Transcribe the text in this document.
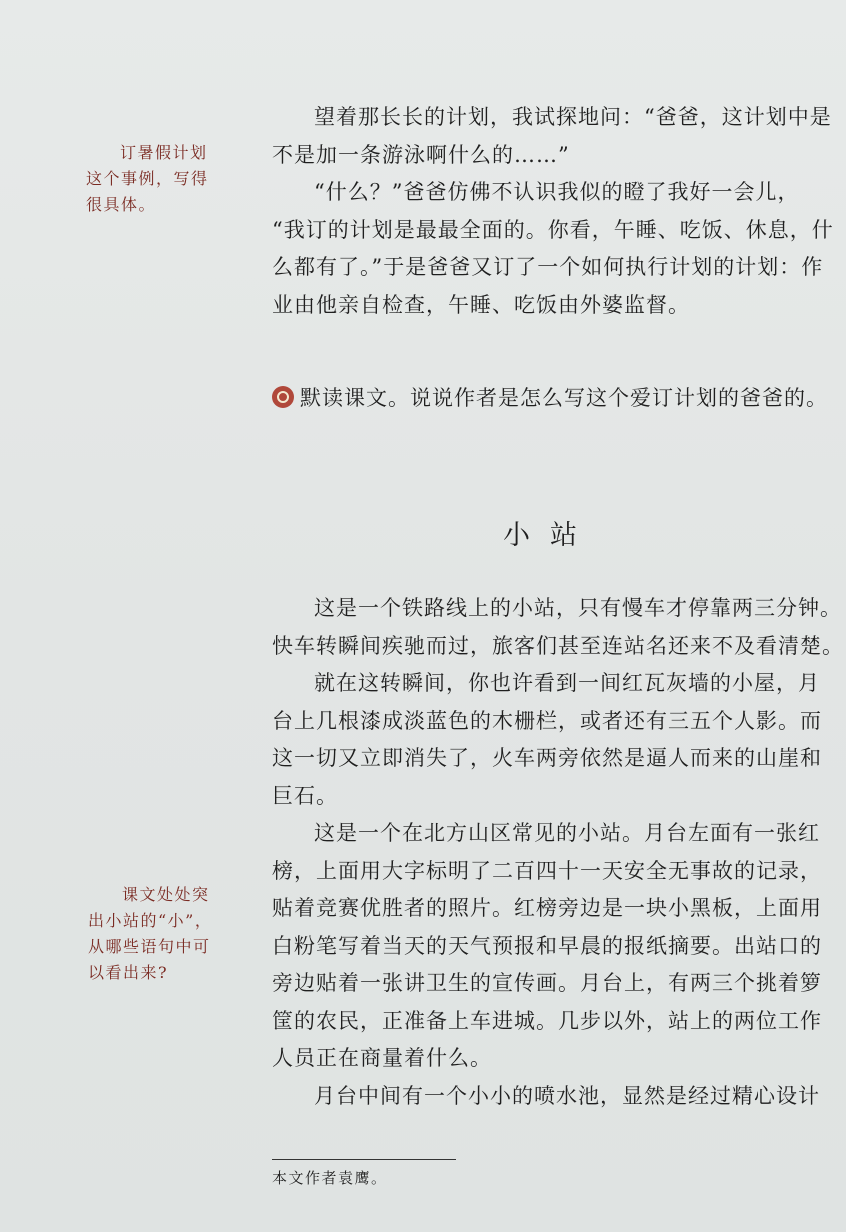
订暑假计划
这个事例，写得
很具体。
望着那长长的计划，我试探地问：“爸爸，这计划中是
不是加一条游泳啊什么的……”
“什么？”爸爸仿佛不认识我似的瞪了我好一会儿，
“我订的计划是最最全面的。你看，午睡、吃饭、休息，什
么都有了。”于是爸爸又订了一个如何执行计划的计划：作
业由他亲自检查，午睡、吃饭由外婆监督。
默读课文。说说作者是怎么写这个爱订计划的爸爸的。
小站
这是一个铁路线上的小站，只有慢车才停靠两三分钟。
快车转瞬间疾驰而过，旅客们甚至连站名还来不及看清楚。
就在这转瞬间，你也许看到一间红瓦灰墙的小屋，月
台上几根漆成淡蓝色的木栅栏，或者还有三五个人影。而
这一切又立即消失了，火车两旁依然是逼人而来的山崖和
巨石。
这是一个在北方山区常见的小站。月台左面有一张红
榜，上面用大字标明了二百四十一天安全无事故的记录，
贴着竞赛优胜者的照片。红榜旁边是一块小黑板，上面用
白粉笔写着当天的天气预报和早晨的报纸摘要。出站口的
旁边贴着一张讲卫生的宣传画。月台上，有两三个挑着箩
筐的农民，正准备上车进城。几步以外，站上的两位工作
人员正在商量着什么。
月台中间有一个小小的喷水池，显然是经过精心设计
课文处处突
出小站的“小”，
从哪些语句中可
以看出来?
本文作者袁鹰。
